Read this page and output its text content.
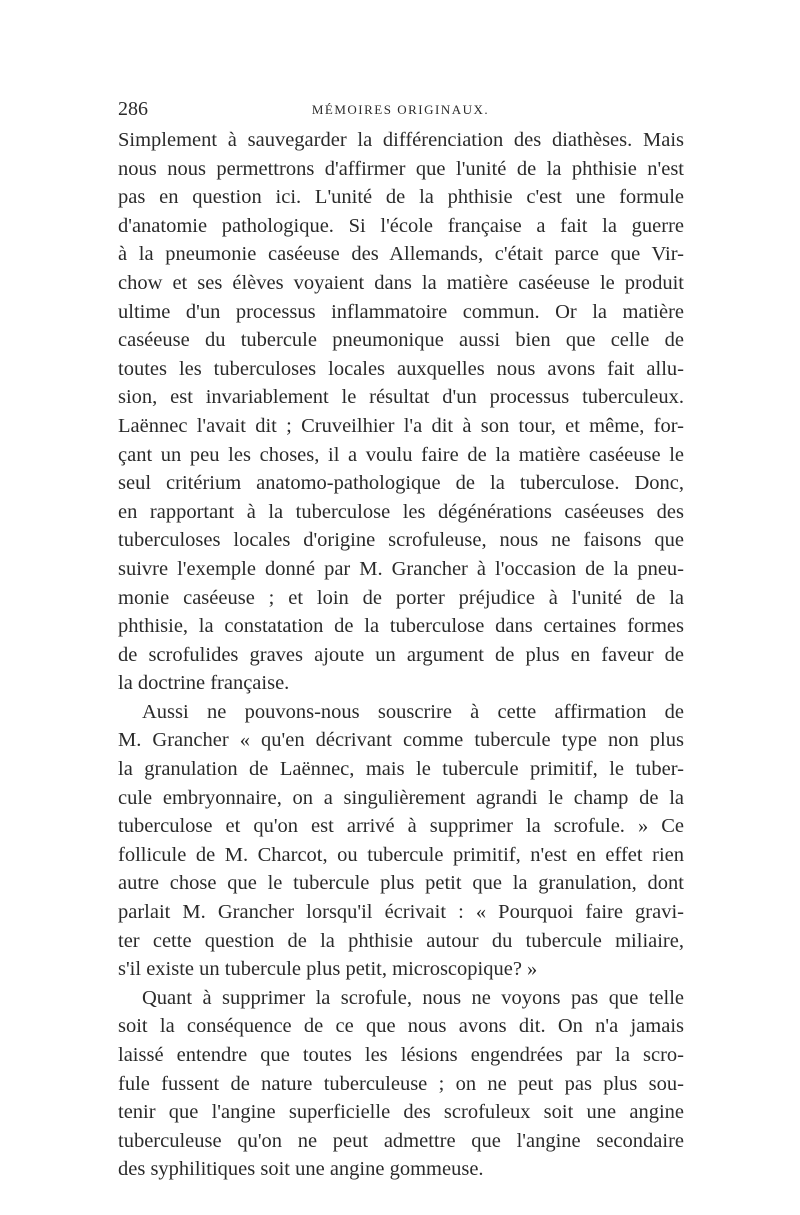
286	MÉMOIRES ORIGINAUX.
Simplement à sauvegarder la différenciation des diathèses. Mais
nous nous permettrons d'affirmer que l'unité de la phthisie n'est
pas en question ici. L'unité de la phthisie c'est une formule
d'anatomie pathologique. Si l'école française a fait la guerre
à la pneumonie caséeuse des Allemands, c'était parce que Vir-
chow et ses élèves voyaient dans la matière caséeuse le produit
ultime d'un processus inflammatoire commun. Or la matière
caséeuse du tubercule pneumonique aussi bien que celle de
toutes les tuberculoses locales auxquelles nous avons fait allu-
sion, est invariablement le résultat d'un processus tuberculeux.
Laënnec l'avait dit ; Cruveilhier l'a dit à son tour, et même, for-
çant un peu les choses, il a voulu faire de la matière caséeuse le
seul critérium anatomo-pathologique de la tuberculose. Donc,
en rapportant à la tuberculose les dégénérations caséeuses des
tuberculoses locales d'origine scrofuleuse, nous ne faisons que
suivre l'exemple donné par M. Grancher à l'occasion de la pneu-
monie caséeuse ; et loin de porter préjudice à l'unité de la
phthisie, la constatation de la tuberculose dans certaines formes
de scrofulides graves ajoute un argument de plus en faveur de
la doctrine française.
Aussi ne pouvons-nous souscrire à cette affirmation de
M. Grancher « qu'en décrivant comme tubercule type non plus
la granulation de Laënnec, mais le tubercule primitif, le tuber-
cule embryonnaire, on a singulièrement agrandi le champ de la
tuberculose et qu'on est arrivé à supprimer la scrofule. » Ce
follicule de M. Charcot, ou tubercule primitif, n'est en effet rien
autre chose que le tubercule plus petit que la granulation, dont
parlait M. Grancher lorsqu'il écrivait : « Pourquoi faire gravi-
ter cette question de la phthisie autour du tubercule miliaire,
s'il existe un tubercule plus petit, microscopique? »
Quant à supprimer la scrofule, nous ne voyons pas que telle
soit la conséquence de ce que nous avons dit. On n'a jamais
laissé entendre que toutes les lésions engendrées par la scro-
fule fussent de nature tuberculeuse ; on ne peut pas plus sou-
tenir que l'angine superficielle des scrofuleux soit une angine
tuberculeuse qu'on ne peut admettre que l'angine secondaire
des syphilitiques soit une angine gommeuse.
